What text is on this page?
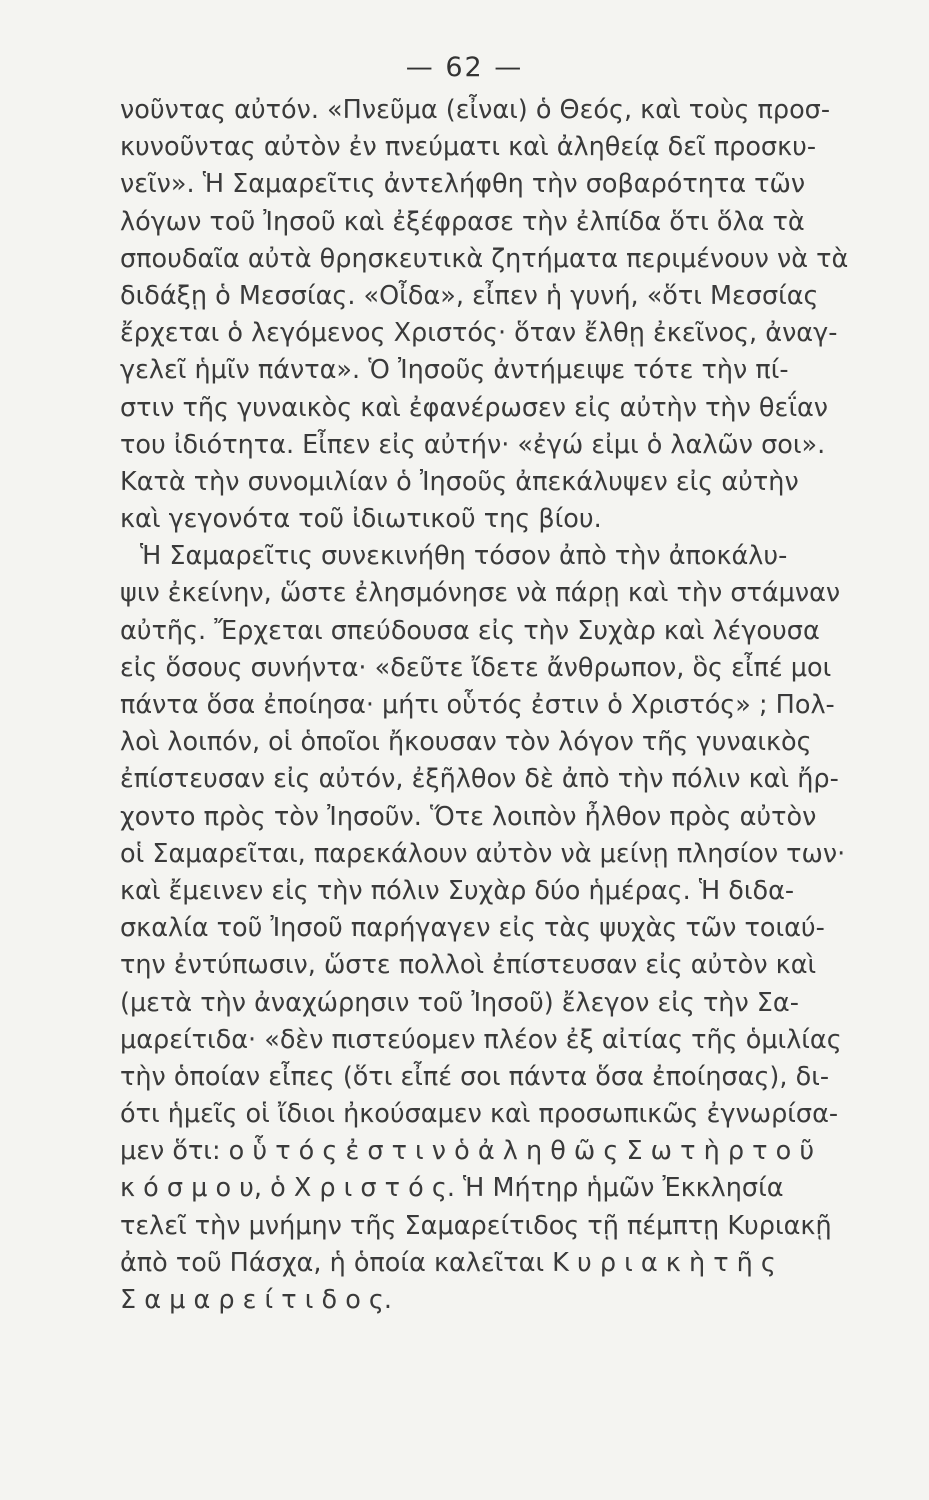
— 62 —
νοῦντας αὐτόν. «Πνεῦμα (εἶναι) ὁ Θεός, καὶ τοὺς προσ-
κυνοῦντας αὐτὸν ἐν πνεύματι καὶ ἀληθείᾳ δεῖ προσκυ-
νεῖν». Ἡ Σαμαρεῖτις ἀντελήφθη τὴν σοβαρότητα τῶν
λόγων τοῦ Ἰησοῦ καὶ ἐξέφρασε τὴν ἐλπίδα ὅτι ὅλα τὰ
σπουδαῖα αὐτὰ θρησκευτικὰ ζητήματα περιμένουν νὰ τὰ
διδάξῃ ὁ Μεσσίας. «Οἶδα», εἶπεν ἡ γυνή, «ὅτι Μεσσίας
ἔρχεται ὁ λεγόμενος Χριστός· ὅταν ἔλθῃ ἐκεῖνος, ἀναγ-
γελεῖ ἡμῖν πάντα». Ὁ Ἰησοῦς ἀντήμειψε τότε τὴν πί-
στιν τῆς γυναικὸς καὶ ἐφανέρωσεν εἰς αὐτὴν τὴν θεΐαν
του ἰδιότητα. Εἶπεν εἰς αὐτήν· «ἐγώ εἰμι ὁ λαλῶν σοι».
Κατὰ τὴν συνομιλίαν ὁ Ἰησοῦς ἀπεκάλυψεν εἰς αὐτὴν
καὶ γεγονότα τοῦ ἰδιωτικοῦ της βίου.
Ἡ Σαμαρεῖτις συνεκινήθη τόσον ἀπὸ τὴν ἀποκάλυ-
ψιν ἐκείνην, ὥστε ἐλησμόνησε νὰ πάρῃ καὶ τὴν στάμναν
αὐτῆς. Ἔρχεται σπεύδουσα εἰς τὴν Συχὰρ καὶ λέγουσα
εἰς ὅσους συνήντα· «δεῦτε ἴδετε ἄνθρωπον, ὃς εἶπέ μοι
πάντα ὅσα ἐποίησα· μήτι οὗτός ἐστιν ὁ Χριστός» ; Πολ-
λοὶ λοιπόν, οἱ ὁποῖοι ἤκουσαν τὸν λόγον τῆς γυναικὸς
ἐπίστευσαν εἰς αὐτόν, ἐξῆλθον δὲ ἀπὸ τὴν πόλιν καὶ ἤρ-
χοντο πρὸς τὸν Ἰησοῦν. Ὅτε λοιπὸν ἦλθον πρὸς αὐτὸν
οἱ Σαμαρεῖται, παρεκάλουν αὐτὸν νὰ μείνῃ πλησίον των·
καὶ ἔμεινεν εἰς τὴν πόλιν Συχὰρ δύο ἡμέρας. Ἡ διδα-
σκαλία τοῦ Ἰησοῦ παρήγαγεν εἰς τὰς ψυχὰς τῶν τοιαύ-
την ἐντύπωσιν, ὥστε πολλοὶ ἐπίστευσαν εἰς αὐτὸν καὶ
(μετὰ τὴν ἀναχώρησιν τοῦ Ἰησοῦ) ἔλεγον εἰς τὴν Σα-
μαρείτιδα· «δὲν πιστεύομεν πλέον ἐξ αἰτίας τῆς ὁμιλίας
τὴν ὁποίαν εἶπες (ὅτι εἶπέ σοι πάντα ὅσα ἐποίησας), δι-
ότι ἡμεῖς οἱ ἴδιοι ἠκούσαμεν καὶ προσωπικῶς ἐγνωρίσα-
μεν ὅτι: ο ὗ τ ό ς ἐ σ τ ι ν ὁ ἀ λ η θ ῶ ς Σ ω τ ὴ ρ τ ο ῦ
κ ό σ μ ο υ, ὁ Χ ρ ι σ τ ό ς. Ἡ Μήτηρ ἡμῶν Ἐκκλησία
τελεῖ τὴν μνήμην τῆς Σαμαρείτιδος τῇ πέμπτῃ Κυριακῇ
ἀπὸ τοῦ Πάσχα, ἡ ὁποία καλεῖται Κ υ ρ ι α κ ὴ τ ῆ ς
Σ α μ α ρ ε ί τ ι δ ο ς.
